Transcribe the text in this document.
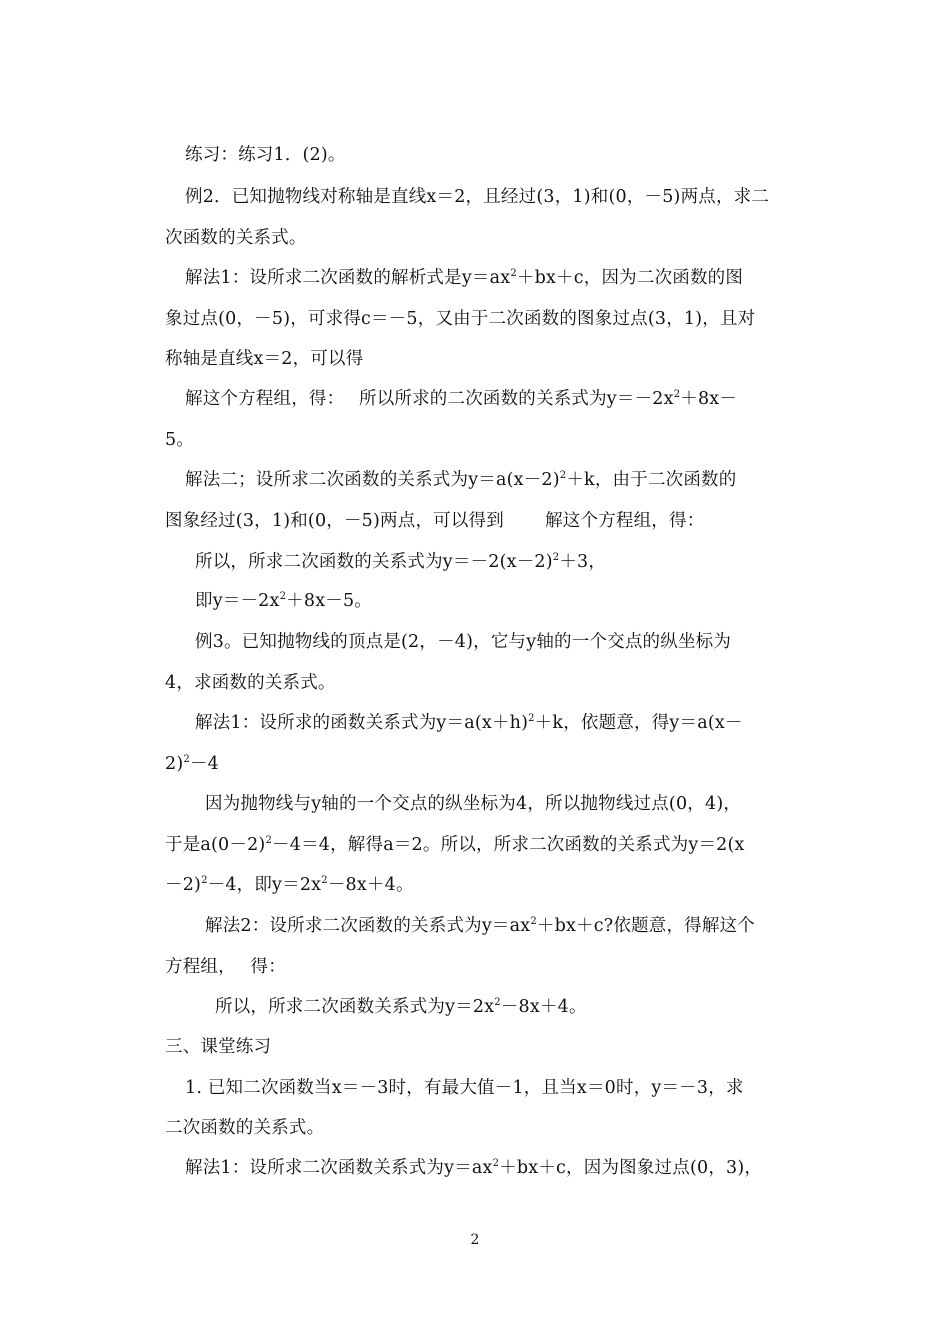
练习：练习1．(2)。
例2．已知抛物线对称轴是直线x＝2，且经过(3，1)和(0，－5)两点，求二
次函数的关系式。
解法1：设所求二次函数的解析式是$y=ax^2+bx+c$，因为二次函数的图
象过点(0，－5)，可求得c＝－5，又由于二次函数的图象过点(3，1)，且对
称轴是直线x＝2，可以得
解这个方程组，得：　 所以所求的二次函数的关系式为$y=-2x^2+8x-$
5。
解法二；设所求二次函数的关系式为$y=a(x-2)^2+k$，由于二次函数的
图象经过(3，1)和(0，－5)两点，可以得到　　 解这个方程组，得：
所以，所求二次函数的关系式为$y=-2(x-2)^2+3$，
即$y=-2x^2+8x-5$。
例3。已知抛物线的顶点是(2，－4)，它与y轴的一个交点的纵坐标为
4，求函数的关系式。
解法1：设所求的函数关系式为$y=a(x+h)^2+k$，依题意，得y＝a(x－
2)$^2$－4
因为抛物线与y轴的一个交点的纵坐标为4，所以抛物线过点(0，4)，
于是$a(0-2)^2-4=4$，解得a＝2。所以，所求二次函数的关系式为y＝2(x
－2)$^2$－4，即$y=2x^2-8x+4$。
解法2：设所求二次函数的关系式为$y=ax^2+bx+c$?依题意，得解这个
方程组，　 得：
所以，所求二次函数关系式为$y=2x^2-8x+4$。
三、课堂练习
1. 已知二次函数当x＝－3时，有最大值－1，且当x＝0时，y＝－3，求
二次函数的关系式。
解法1：设所求二次函数关系式为$y=ax^2+bx+c$，因为图象过点(0，3)，
2
